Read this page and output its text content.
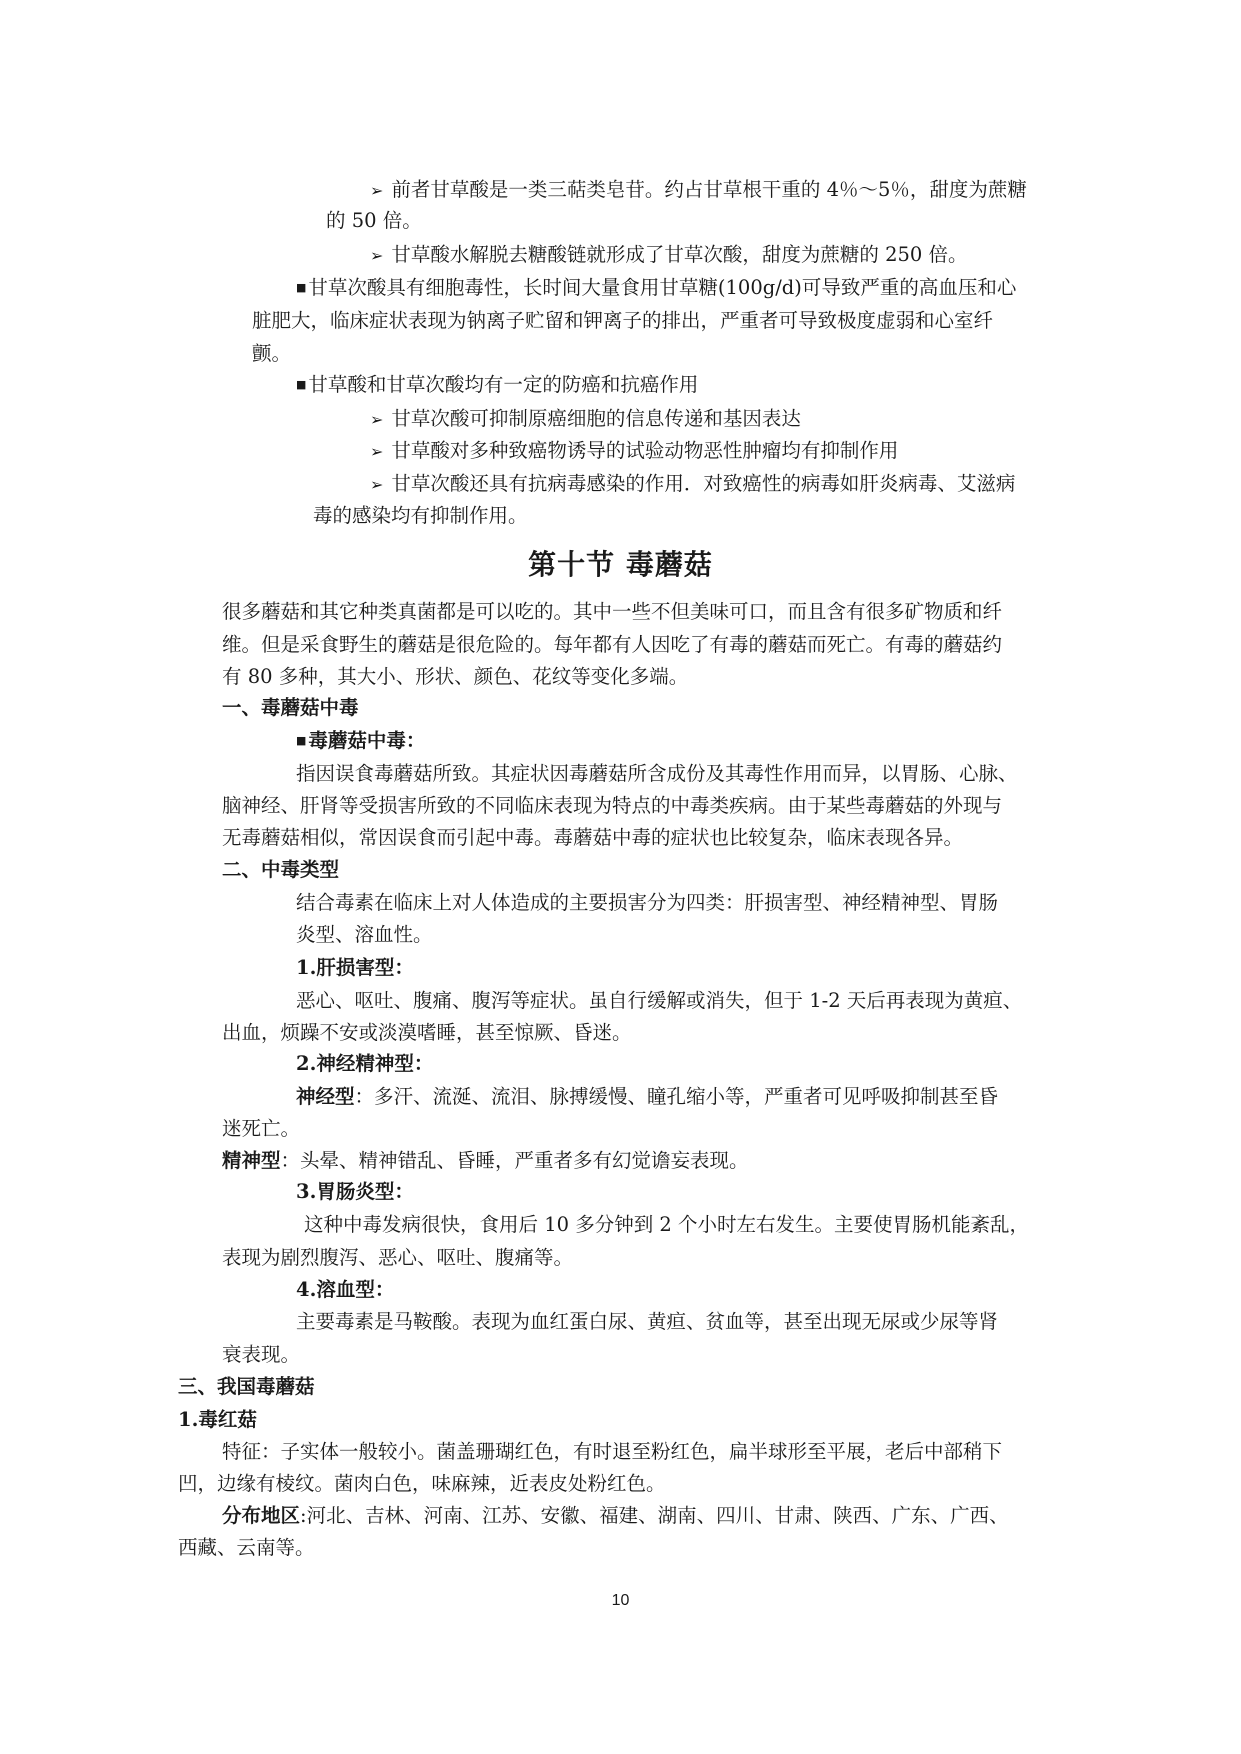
➢ 前者甘草酸是一类三萜类皂苷。约占甘草根干重的 4％～5％，甜度为蔗糖
的 50 倍。
➢ 甘草酸水解脱去糖酸链就形成了甘草次酸，甜度为蔗糖的 250 倍。
■ 甘草次酸具有细胞毒性，长时间大量食用甘草糖(100g/d)可导致严重的高血压和心
脏肥大，临床症状表现为钠离子贮留和钾离子的排出，严重者可导致极度虚弱和心室纤
颤。
■ 甘草酸和甘草次酸均有一定的防癌和抗癌作用
➢ 甘草次酸可抑制原癌细胞的信息传递和基因表达
➢ 甘草酸对多种致癌物诱导的试验动物恶性肿瘤均有抑制作用
➢ 甘草次酸还具有抗病毒感染的作用．对致癌性的病毒如肝炎病毒、艾滋病
毒的感染均有抑制作用。
第十节 毒蘑菇
很多蘑菇和其它种类真菌都是可以吃的。其中一些不但美味可口，而且含有很多矿物质和纤
维。但是采食野生的蘑菇是很危险的。每年都有人因吃了有毒的蘑菇而死亡。有毒的蘑菇约
有 80 多种，其大小、形状、颜色、花纹等变化多端。
一、毒蘑菇中毒
■ 毒蘑菇中毒：
指因误食毒蘑菇所致。其症状因毒蘑菇所含成份及其毒性作用而异，以胃肠、心脉、
脑神经、肝肾等受损害所致的不同临床表现为特点的中毒类疾病。由于某些毒蘑菇的外现与
无毒蘑菇相似，常因误食而引起中毒。毒蘑菇中毒的症状也比较复杂，临床表现各异。
二、中毒类型
结合毒素在临床上对人体造成的主要损害分为四类：肝损害型、神经精神型、胃肠
炎型、溶血性。
1.肝损害型：
恶心、呕吐、腹痛、腹泻等症状。虽自行缓解或消失，但于 1-2 天后再表现为黄疸、
出血，烦躁不安或淡漠嗜睡，甚至惊厥、昏迷。
2.神经精神型：
神经型：多汗、流涎、流泪、脉搏缓慢、瞳孔缩小等，严重者可见呼吸抑制甚至昏
迷死亡。
精神型：头晕、精神错乱、昏睡，严重者多有幻觉谵妄表现。
3.胃肠炎型：
这种中毒发病很快，食用后 10 多分钟到 2 个小时左右发生。主要使胃肠机能紊乱，
表现为剧烈腹泻、恶心、呕吐、腹痛等。
4.溶血型：
主要毒素是马鞍酸。表现为血红蛋白尿、黄疸、贫血等，甚至出现无尿或少尿等肾
衰表现。
三、我国毒蘑菇
1.毒红菇
特征：子实体一般较小。菌盖珊瑚红色，有时退至粉红色，扁半球形至平展，老后中部稍下
凹，边缘有棱纹。菌肉白色，味麻辣，近表皮处粉红色。
分布地区:河北、吉林、河南、江苏、安徽、福建、湖南、四川、甘肃、陕西、广东、广西、
西藏、云南等。
10
